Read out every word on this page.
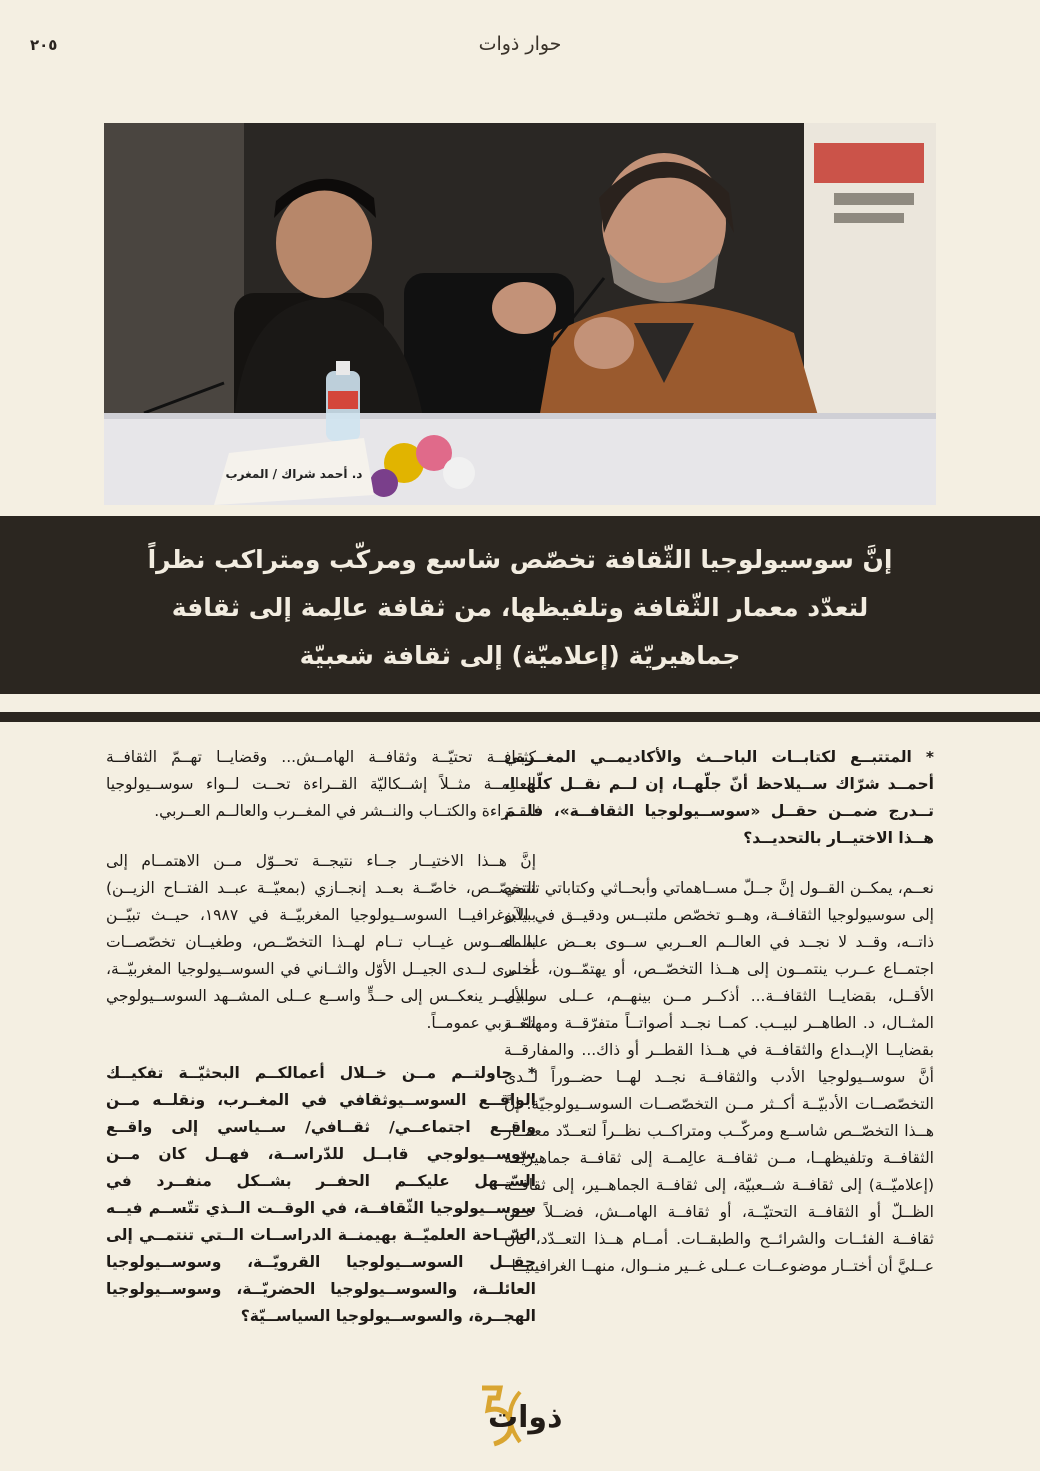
حوار ذوات
٢٠٥
د. أحمد شراك / المغرب
إنَّ سوسيولوجيا الثّقافة تخصّص شاسع ومركّب ومتراكب نظراً لتعدّد معمار الثّقافة وتلفيظها، من ثقافة عالِمة إلى ثقافة جماهيريّة (إعلاميّة) إلى ثقافة شعبيّة

* المتتبــع لكتابــات الباحــث والأكاديمــي المغــربي أحمــد شرّاك ســيلاحظ أنّ جلّهــا، إن لــم نقــل كلّهــا، تــدرج ضمــن حقــل «سوســيولوجيا الثقافــة»، فلــمَ هــذا الاختيــار بالتحديــد؟

نعــم، يمكــن القــول إنَّ جــلّ مســاهماتي وأبحــاثي وكتاباتي تنتمي إلى سوسيولوجيا الثقافــة، وهــو تخصّص ملتبــس ودقيــق في الآن ذاتــه، وقــد لا نجــد في العالــم العــربي ســوى بعــض علمــاء اجتمــاع عــرب ينتمــون إلى هــذا التخصّــص، أو يهتمّــون، عــلى الأقــل، بقضايــا الثقافــة... أذكــر مــن بينهــم، عــلى ســبيل المثــال، د. الطاهــر لبيــب. كمــا نجــد أصواتــاً متفرّقــة ومهتمّــة بقضايــا الإبــداع والثقافــة في هــذا القطــر أو ذاك... والمفارقــة أنَّ سوســيولوجيا الأدب والثقافــة نجــد لهــا حضــوراً لــدى التخصّصــات الأدبيّــة أكــثر مــن التخصّصــات السوســيولوجيّة. إنَّ هــذا التخصّــص شاســع ومركّــب ومتراكــب نظــراً لتعــدّد معمــار الثقافــة وتلفيظهــا، مــن ثقافــة عالِمــة إلى ثقافــة جماهيريّــة (إعلاميّــة) إلى ثقافــة شــعبيّة، إلى ثقافــة الجماهــير، إلى ثقافــة الظــلّ أو الثقافــة التحتيّــة، أو ثقافــة الهامــش، فضــلاً عــن ثقافــة الفئــات والشرائــح والطبقــات. أمــام هــذا التعــدّد، كان عــليَّ أن أختــار موضوعــات عــلى غــير منــوال، منهــا الغرافيتيــا

كثقافــة تحتيّــة وثقافــة الهامــش... وقضايــا تهــمّ الثقافــة العالِمــة مثــلاً إشــكاليّة القــراءة تحــت لــواء سوســيولوجيا القــراءة والكتــاب والنــشر في المغــرب والعالــم العــربي.

إنَّ هــذا الاختيــار جــاء نتيجــة تحــوّل مــن الاهتمــام إلى التخصّــص، خاصّــة بعــد إنجــازي (بمعيّــة عبــد الفتــاح الزيــن) ببيلبوغرافيــا السوســيولوجيا المغربيّــة في ١٩٨٧، حيــث تبيّــن بالملمــوس غيــاب تــام لهــذا التخصّــص، وطغيــان تخصّصــات أخــرى لــدى الجيــل الأوّل والثــاني في السوســيولوجيا المغربيّــة، والأمــر ينعكــس إلى حــدٍّ واســع عــلى المشــهد السوســيولوجي العــربي عمومــاً.

* حاولتــم مــن خــلال أعمالكــم البحثيّــة تفكيــك الواقــع السوســيوثقافي في المغــرب، ونقلــه مــن واقــع اجتماعــي/ ثقــافي/ ســياسي إلى واقــع سوســيولوجي قابــل للدّراســة، فهــل كان مــن السّــهل عليكــم الحفــر بشــكل منفــرد في سوســيولوجيا الثّقافــة، في الوقــت الــذي تتّســم فيــه السّــاحة العلميّــة بهيمنــة الدراســات الــتي تنتمــي إلى حقــل السوســيولوجيا القرويّــة، وسوســيولوجيا العائلــة، والسوســيولوجيا الحضريّــة، وسوســيولوجيا الهجــرة، والسوســيولوجيا السياســيّة؟

ذوات
